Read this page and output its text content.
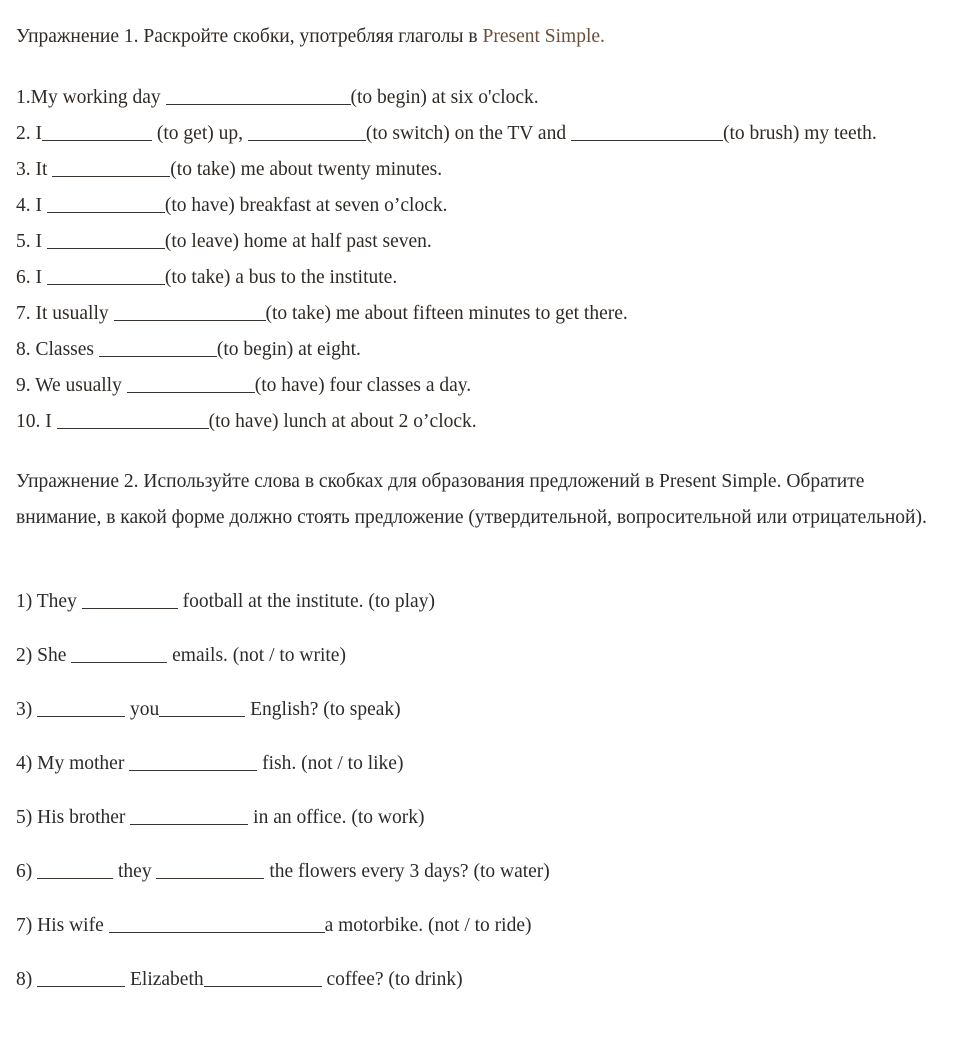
Упражнение 1. Раскройте скобки, употребляя глаголы в Present Simple.
1.My working day	(to begin) at six o'clock.
2. I	(to get) up,	(to switch) on the TV and	(to brush) my teeth.
3. It	(to take) me about twenty minutes.
4. I	(to have) breakfast at seven o’clock.
5. I	(to leave) home at half past seven.
6. I	(to take) a bus to the institute.
7. It usually	(to take) me about fifteen minutes to get there.
8. Classes	(to begin) at eight.
9. We usually	(to have) four classes a day.
10. I	(to have) lunch at about 2 o’clock.
Упражнение 2. Используйте слова в скобках для образования предложений в Present Simple. Обратите внимание, в какой форме должно стоять предложение (утвердительной, вопросительной или отрицательной).
1) They	football at the institute. (to play)
2) She	emails. (not / to write)
3)	you	English? (to speak)
4) My mother	fish. (not / to like)
5) His brother	in an office. (to work)
6)	they	the flowers every 3 days? (to water)
7) His wife	a motorbike. (not / to ride)
8)	Elizabeth	coffee? (to drink)
